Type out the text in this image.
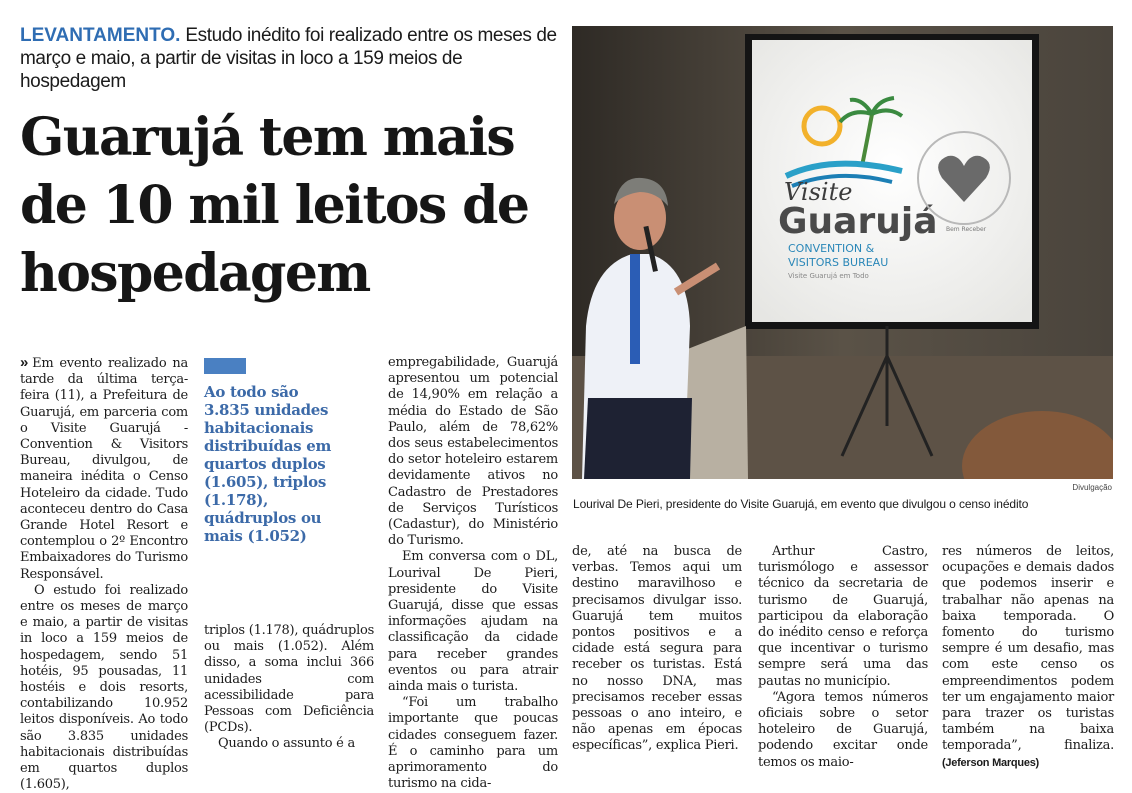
LEVANTAMENTO. Estudo inédito foi realizado entre os meses de março e maio, a partir de visitas in loco a 159 meios de hospedagem
Guarujá tem mais de 10 mil leitos de hospedagem

» Em evento realizado na tarde da última terça-feira (11), a Prefeitura de Guarujá, em parceria com o Visite Guarujá - Convention & Visitors Bureau, divulgou, de maneira inédita o Censo Hoteleiro da cidade. Tudo aconteceu dentro do Casa Grande Hotel Resort e contemplou o 2º Encontro Embaixadores do Turismo Responsável.

O estudo foi realizado entre os meses de março e maio, a partir de visitas in loco a 159 meios de hospedagem, sendo 51 hotéis, 95 pousadas, 11 hostéis e dois resorts, contabilizando 10.952 leitos disponíveis. Ao todo são 3.835 unidades habitacionais distribuídas em quartos duplos (1.605),

Ao todo são 3.835 unidades habitacionais distribuídas em quartos duplos (1.605), triplos (1.178), quádruplos ou mais (1.052)

triplos (1.178), quádruplos ou mais (1.052). Além disso, a soma inclui 366 unidades com acessibilidade para Pessoas com Deficiência (PCDs).

Quando o assunto é a

empregabilidade, Guarujá apresentou um potencial de 14,90% em relação a média do Estado de São Paulo, além de 78,62% dos seus estabelecimentos do setor hoteleiro estarem devidamente ativos no Cadastro de Prestadores de Serviços Turísticos (Cadastur), do Ministério do Turismo.

Em conversa com o DL, Lourival De Pieri, presidente do Visite Guarujá, disse que essas informações ajudam na classificação da cidade para receber grandes eventos ou para atrair ainda mais o turista.

“Foi um trabalho importante que poucas cidades conseguem fazer. É o caminho para um aprimoramento do turismo na cida-

Visite
Guarujá
CONVENTION &
VISITORS BUREAU
Visite Guarujá em Todo
Bem Receber
Divulgação
Lourival De Pieri, presidente do Visite Guarujá, em evento que divulgou o censo inédito

de, até na busca de verbas. Temos aqui um destino maravilhoso e precisamos divulgar isso. Guarujá tem muitos pontos positivos e a cidade está segura para receber os turistas. Está no nosso DNA, mas precisamos receber essas pessoas o ano inteiro, e não apenas em épocas específicas”, explica Pieri.

Arthur Castro, turismólogo e assessor técnico da secretaria de turismo de Guarujá, participou da elaboração do inédito censo e reforça que incentivar o turismo sempre será uma das pautas no município.

“Agora temos números oficiais sobre o setor hoteleiro de Guarujá, podendo excitar onde temos os maio-

res números de leitos, ocupações e demais dados que podemos inserir e trabalhar não apenas na baixa temporada. O fomento do turismo sempre é um desafio, mas com este censo os empreendimentos podem ter um engajamento maior para trazer os turistas também na baixa temporada”, finaliza. (Jeferson Marques)
